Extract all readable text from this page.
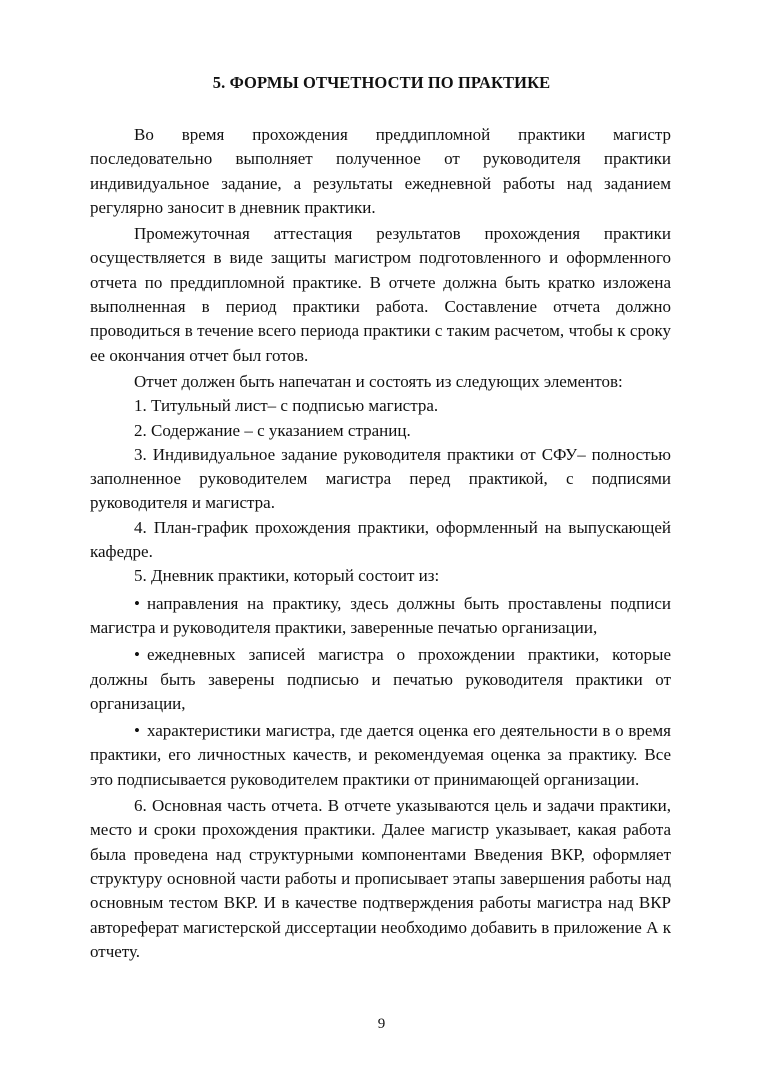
5. ФОРМЫ ОТЧЕТНОСТИ ПО ПРАКТИКЕ

Во время прохождения преддипломной практики магистр последовательно выполняет полученное от руководителя практики индивидуальное задание, а результаты ежедневной работы над заданием регулярно заносит в дневник практики.

Промежуточная аттестация результатов прохождения практики осуществляется в виде защиты магистром подготовленного и оформленного отчета по преддипломной практике. В отчете должна быть кратко изложена выполненная в период практики работа. Составление отчета должно проводиться в течение всего периода практики с таким расчетом, чтобы к сроку ее окончания отчет был готов.

Отчет должен быть напечатан и состоять из следующих элементов:

1. Титульный лист– с подписью магистра.

2. Содержание – с указанием страниц.

3. Индивидуальное задание руководителя практики от СФУ– полностью заполненное руководителем магистра перед практикой, с подписями руководителя и магистра.

4. План-график прохождения практики, оформленный на выпускающей кафедре.

5. Дневник практики, который состоит из:

• направления на практику, здесь должны быть проставлены подписи магистра и руководителя практики, заверенные печатью организации,

• ежедневных записей магистра о прохождении практики, которые должны быть заверены подписью и печатью руководителя практики от организации,

• характеристики магистра, где дается оценка его деятельности в о время практики, его личностных качеств, и рекомендуемая оценка за практику. Все это подписывается руководителем практики от принимающей организации.

6. Основная часть отчета. В отчете указываются цель и задачи практики, место и сроки прохождения практики. Далее магистр указывает, какая работа была проведена над структурными компонентами Введения ВКР, оформляет структуру основной части работы и прописывает этапы завершения работы над основным тестом ВКР. И в качестве подтверждения работы магистра над ВКР автореферат магистерской диссертации необходимо добавить в приложение А к отчету.

9
